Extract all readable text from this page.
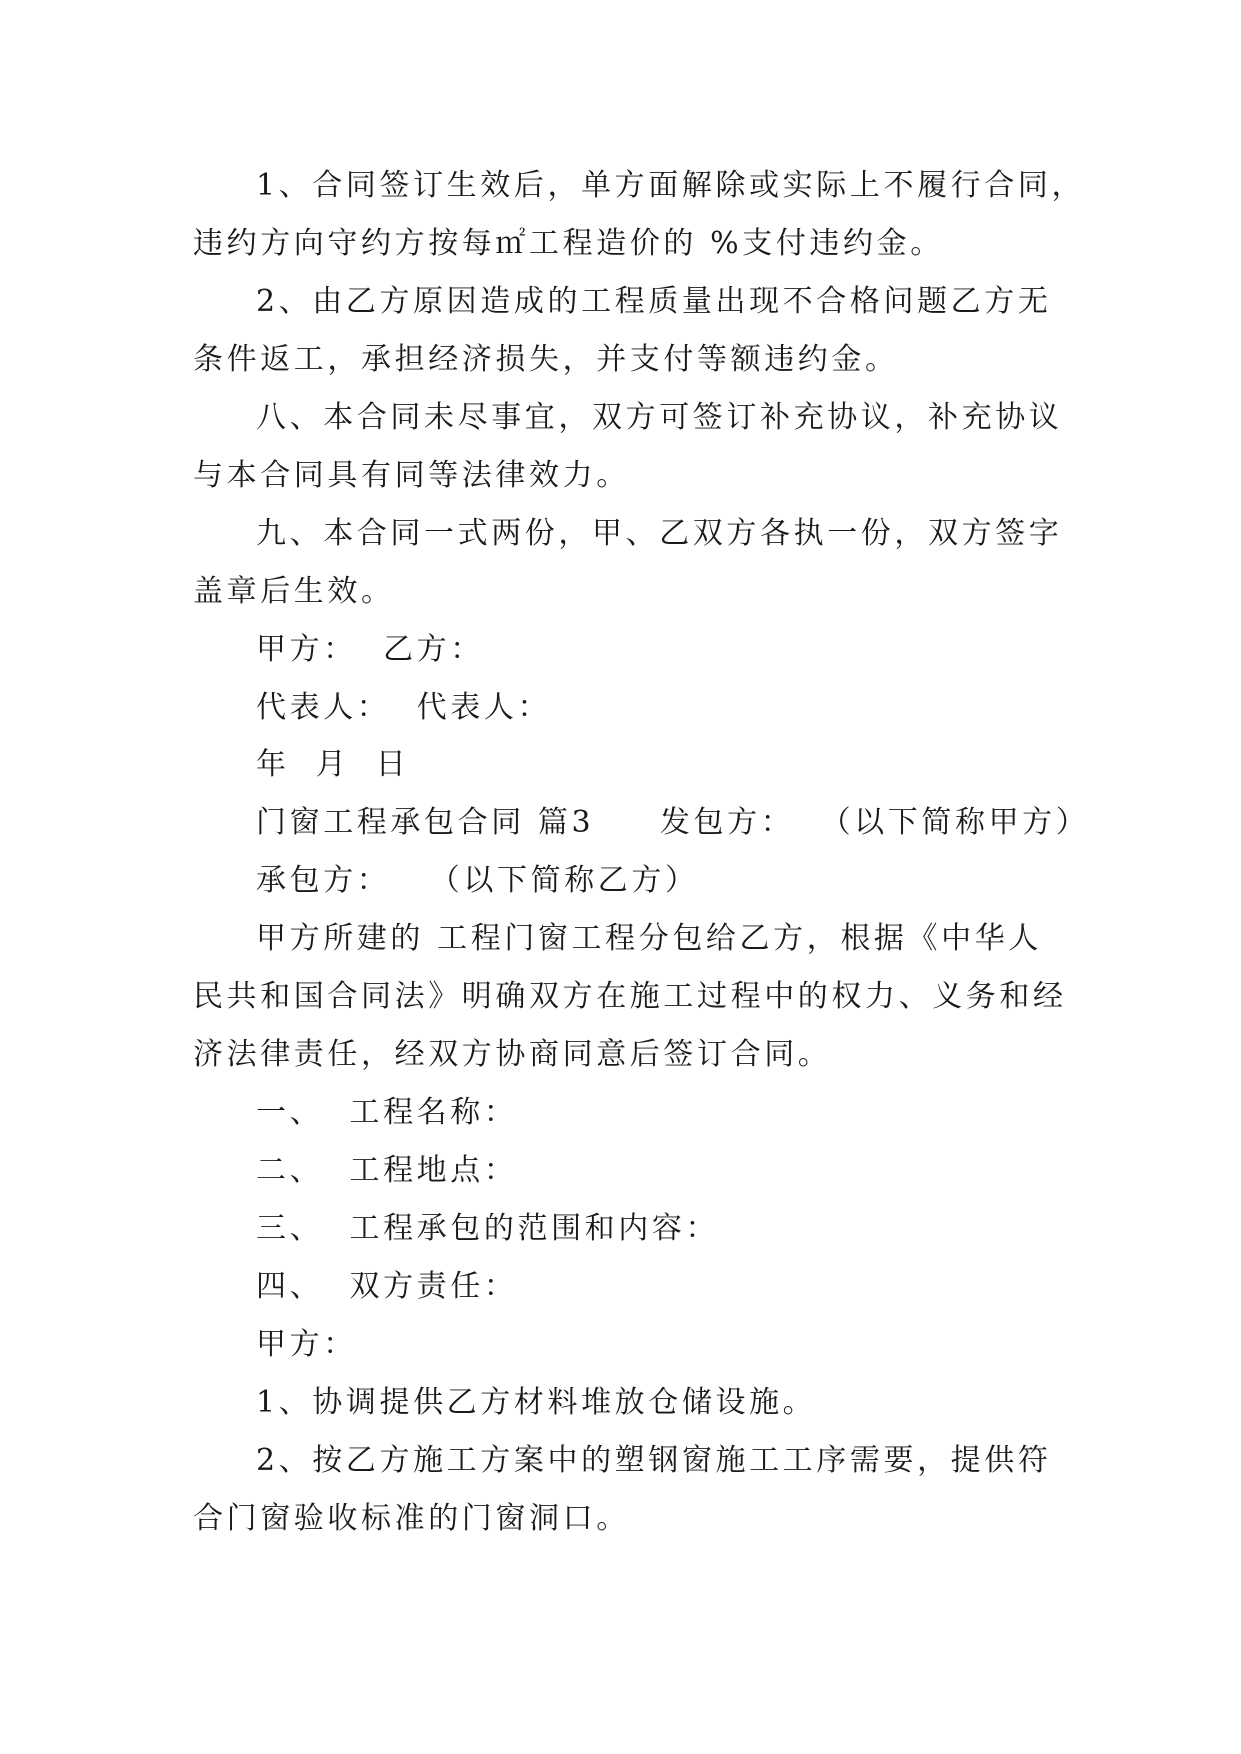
1、合同签订生效后，单方面解除或实际上不履行合同，
违约方向守约方按每㎡工程造价的 %支付违约金。
2、由乙方原因造成的工程质量出现不合格问题乙方无
条件返工，承担经济损失，并支付等额违约金。
八、本合同未尽事宜，双方可签订补充协议，补充协议
与本合同具有同等法律效力。
九、本合同一式两份，甲、乙双方各执一份，双方签字
盖章后生效。
甲方：  乙方：
代表人：  代表人：
年  月  日
门窗工程承包合同 篇3     发包方：  （以下简称甲方）
承包方：   （以下简称乙方）
甲方所建的 工程门窗工程分包给乙方，根据《中华人
民共和国合同法》明确双方在施工过程中的权力、义务和经
济法律责任，经双方协商同意后签订合同。
一、  工程名称：
二、  工程地点：
三、  工程承包的范围和内容：
四、  双方责任：
甲方：
1、协调提供乙方材料堆放仓储设施。
2、按乙方施工方案中的塑钢窗施工工序需要，提供符
合门窗验收标准的门窗洞口。
